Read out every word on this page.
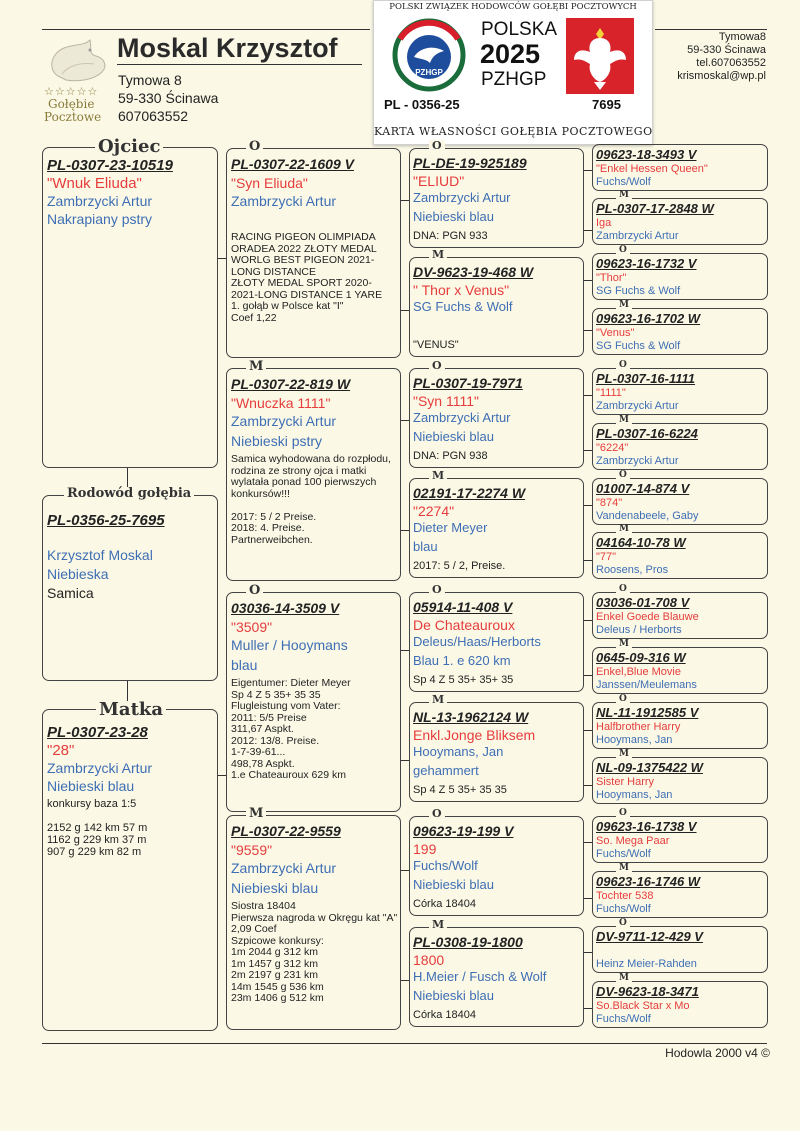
☆☆☆☆☆
Gołębie
Pocztowe
Moskal Krzysztof
Tymowa 8
59-330 Ścinawa
607063552
Tymowa8
59-330 Ścinawa
tel.607063552
krismoskal@wp.pl
POLSKI ZWIĄZEK HODOWCÓW GOŁĘBI POCZTOWYCH
PZHGP
POLSKA
2025
PZHGP
PL - 0356-25	7695
KARTA WŁASNOŚCI GOŁĘBIA POCZTOWEGO
Ojciec
PL-0307-23-10519
"Wnuk Eliuda"
Zambrzycki Artur
Nakrapiany pstry
Rodowód gołębia
PL-0356-25-7695
Krzysztof Moskal
Niebieska
Samica
Matka
PL-0307-23-28
"28"
Zambrzycki Artur
Niebieski blau
konkursy baza 1:5

2152 g 142 km 57 m
1162 g 229 km 37 m
907 g 229 km 82 m
O
PL-0307-22-1609 V
"Syn Eliuda"
Zambrzycki Artur
RACING PIGEON OLIMPIADA ORADEA 2022 ZŁOTY MEDAL WORLG BEST PIGEON 2021-LONG DISTANCE
ZŁOTY MEDAL SPORT 2020-2021-LONG DISTANCE 1 YARE
1. gołąb w Polsce kat "I"
Coef 1,22
M
PL-0307-22-819 W
"Wnuczka 1111"
Zambrzycki Artur
Niebieski pstry
Samica wyhodowana do rozpłodu, rodzina ze strony ojca i matki wylatała ponad 100 pierwszych konkursów!!!

2017: 5 / 2 Preise.
2018: 4. Preise.
Partnerweibchen.
O
03036-14-3509 V
"3509"
Muller / Hooymans
blau
Eigentumer: Dieter Meyer
Sp 4 Z 5 35+ 35 35
Flugleistung vom Vater:
2011: 5/5 Preise
311,67 Aspkt.
2012: 13/8. Preise.
1-7-39-61...
498,78 Aspkt.
1.e Chateauroux 629 km
M
PL-0307-22-9559
"9559"
Zambrzycki Artur
Niebieski blau
Siostra 18404
Pierwsza nagroda w Okręgu kat "A" 2,09 Coef
Szpicowe konkursy:
1m 2044 g 312 km
1m 1457 g 312 km
2m 2197 g 231 km
14m 1545 g 536 km
23m 1406 g 512 km
O
PL-DE-19-925189
"ELIUD"
Zambrzycki Artur
Niebieski blau
DNA: PGN 933
M
DV-9623-19-468 W
" Thor x Venus"
SG Fuchs & Wolf
"VENUS"
O
PL-0307-19-7971
"Syn 1111"
Zambrzycki Artur
Niebieski blau
DNA: PGN 938
M
02191-17-2274 W
"2274"
Dieter Meyer
blau
2017: 5 / 2, Preise.
O
05914-11-408 V
De Chateauroux
Deleus/Haas/Herborts
Blau 1. e 620 km
Sp 4 Z 5 35+ 35+ 35
M
NL-13-1962124 W
Enkl.Jonge Bliksem
Hooymans, Jan
gehammert
Sp 4 Z 5 35+ 35 35
O
09623-19-199 V
199
Fuchs/Wolf
Niebieski blau
Córka 18404
M
PL-0308-19-1800
1800
H.Meier / Fusch & Wolf
Niebieski blau
Córka 18404
09623-18-3493 V
"Enkel Hessen Queen"
Fuchs/Wolf
M
PL-0307-17-2848 W
Iga
Zambrzycki Artur
O
09623-16-1732 V
"Thor"
SG Fuchs & Wolf
M
09623-16-1702 W
"Venus"
SG Fuchs & Wolf
O
PL-0307-16-1111
"1111"
Zambrzycki Artur
M
PL-0307-16-6224
"6224"
Zambrzycki Artur
O
01007-14-874 V
"874"
Vandenabeele, Gaby
M
04164-10-78 W
"77"
Roosens, Pros
O
03036-01-708 V
Enkel Goede Blauwe
Deleus / Herborts
M
0645-09-316 W
Enkel,Blue Movie
Janssen/Meulemans
O
NL-11-1912585 V
Halfbrother Harry
Hooymans, Jan
M
NL-09-1375422 W
Sister Harry
Hooymans, Jan
O
09623-16-1738 V
So. Mega Paar
Fuchs/Wolf
M
09623-16-1746 W
Tochter 538
Fuchs/Wolf
O
DV-9711-12-429 V
Heinz Meier-Rahden
M
DV-9623-18-3471
So.Black Star x Mo
Fuchs/Wolf
Hodowla 2000 v4 ©
